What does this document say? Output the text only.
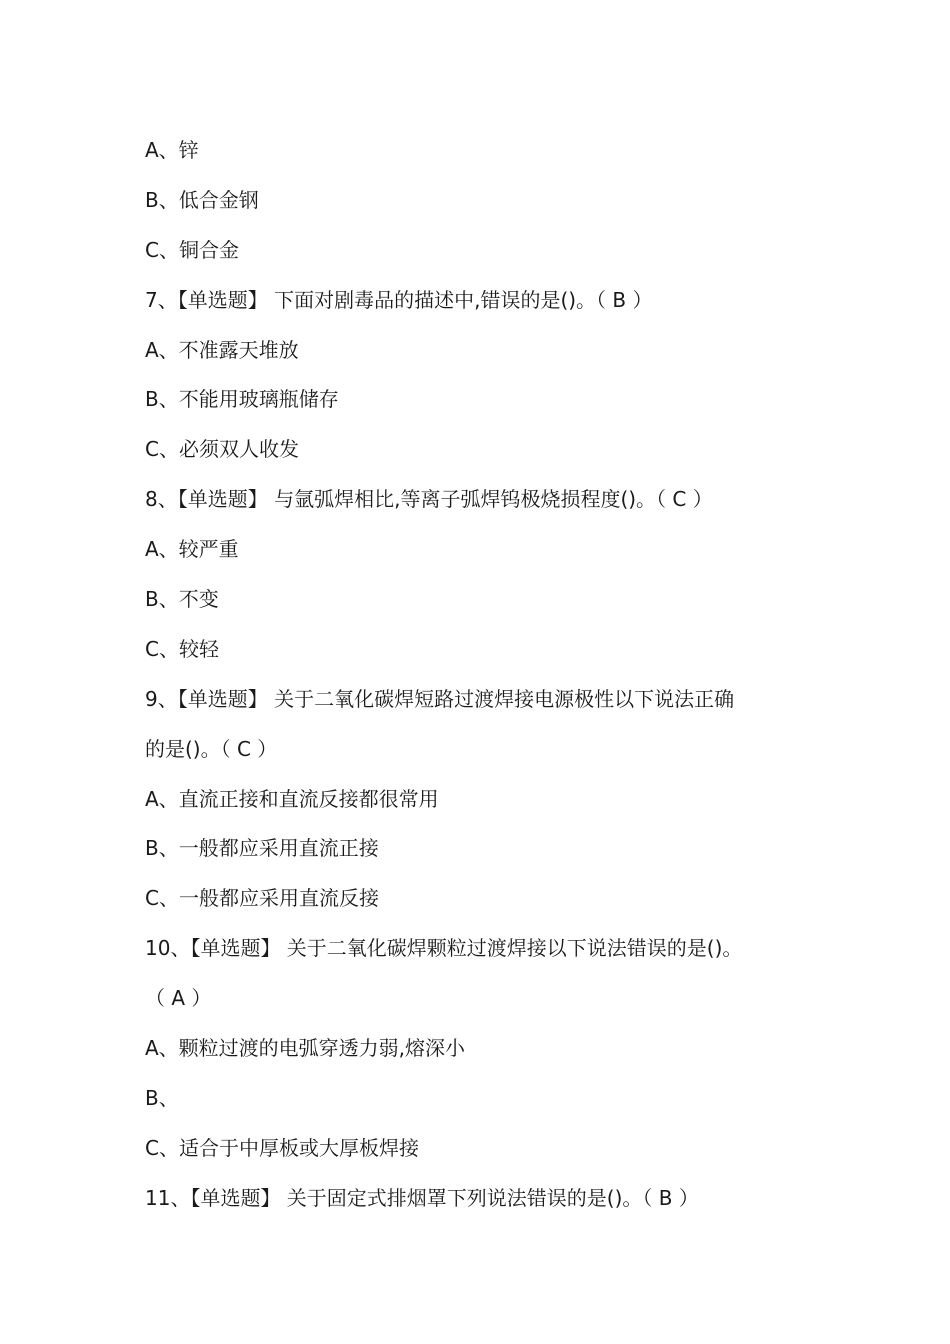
A、锌
B、低合金钢
C、铜合金
7、【单选题】 下面对剧毒品的描述中,错误的是()。（ B ）
A、不准露天堆放
B、不能用玻璃瓶储存
C、必须双人收发
8、【单选题】 与氩弧焊相比,等离子弧焊钨极烧损程度()。（ C ）
A、较严重
B、不变
C、较轻
9、【单选题】 关于二氧化碳焊短路过渡焊接电源极性以下说法正确
的是()。（ C ）
A、直流正接和直流反接都很常用
B、一般都应采用直流正接
C、一般都应采用直流反接
10、【单选题】 关于二氧化碳焊颗粒过渡焊接以下说法错误的是()。
（ A ）
A、颗粒过渡的电弧穿透力弱,熔深小
B、
C、适合于中厚板或大厚板焊接
11、【单选题】 关于固定式排烟罩下列说法错误的是()。（ B ）
